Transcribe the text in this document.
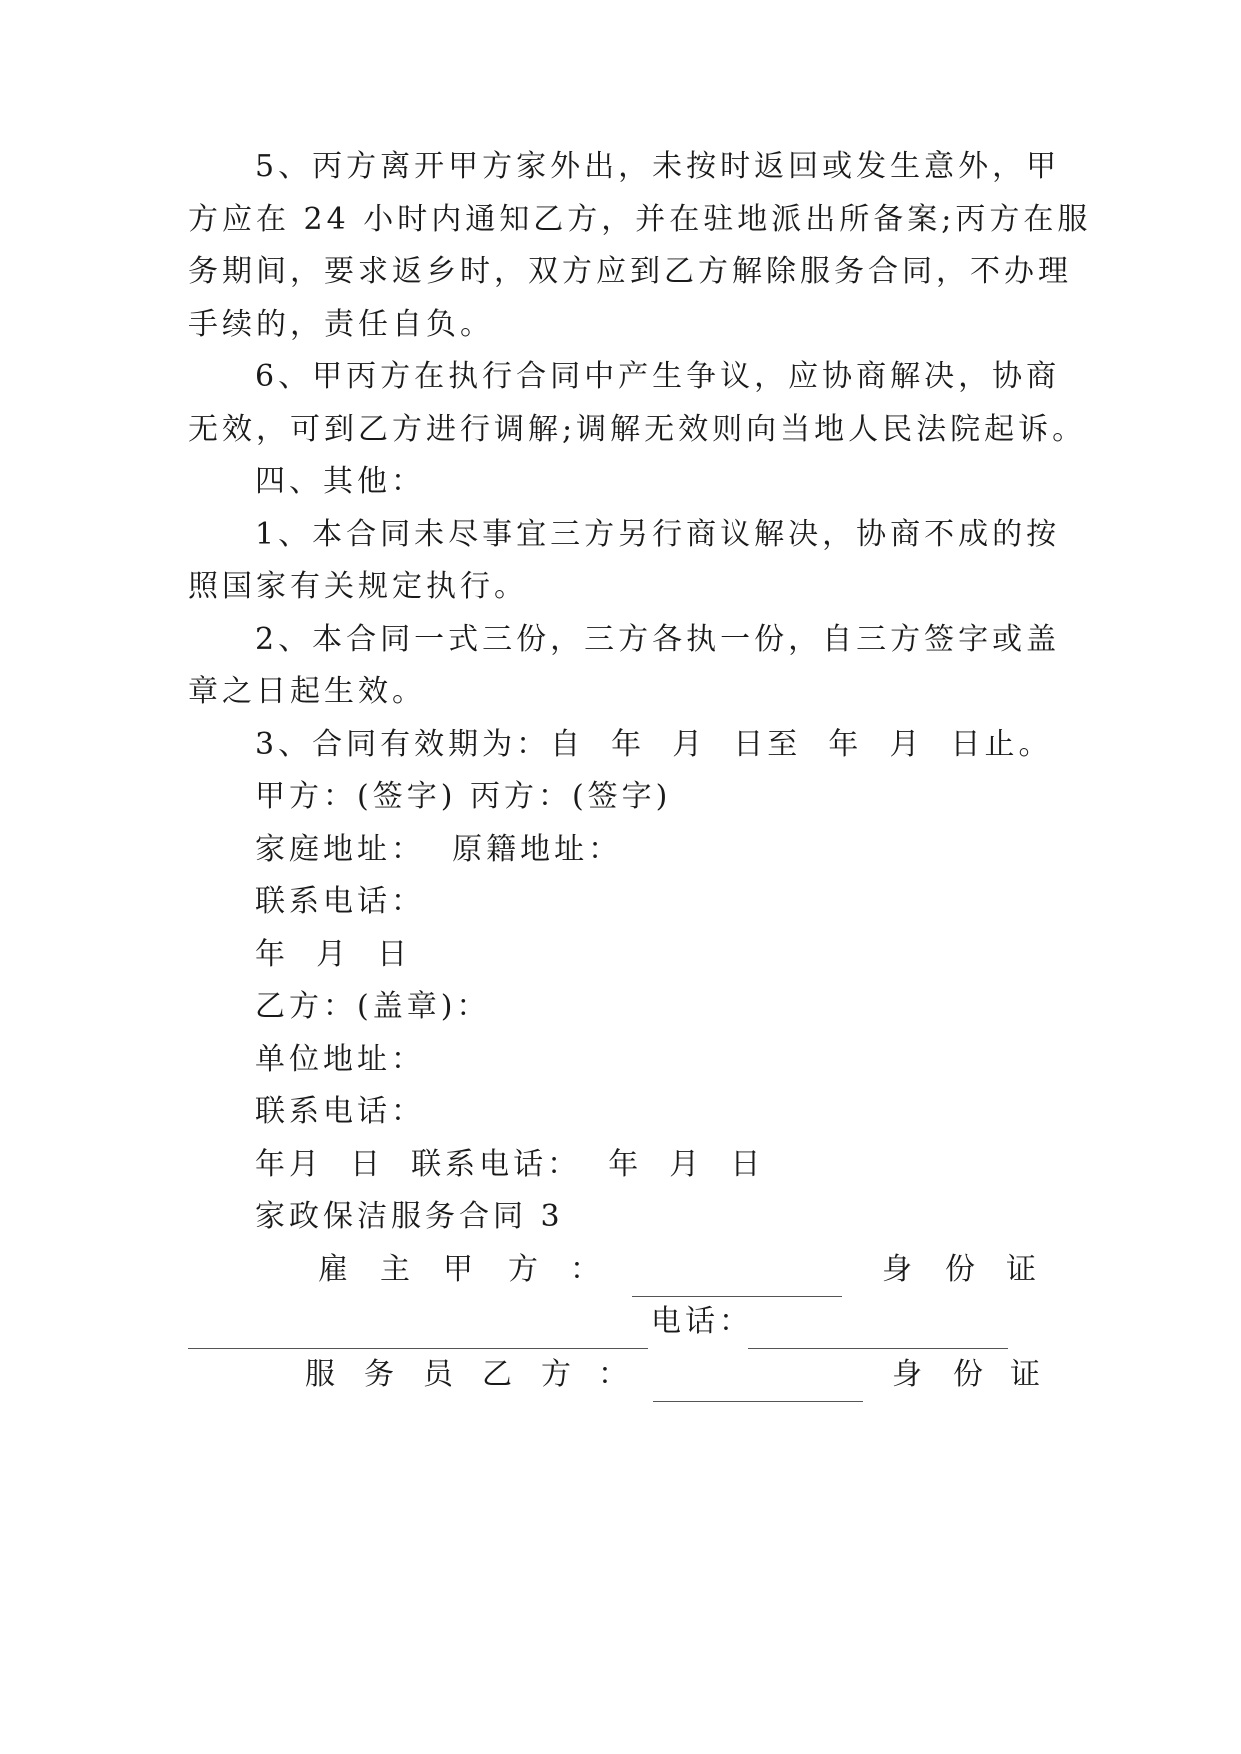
5、丙方离开甲方家外出，未按时返回或发生意外，甲
方应在 24 小时内通知乙方，并在驻地派出所备案;丙方在服
务期间，要求返乡时，双方应到乙方解除服务合同，不办理
手续的，责任自负。
6、甲丙方在执行合同中产生争议，应协商解决，协商
无效，可到乙方进行调解;调解无效则向当地人民法院起诉。
四、其他：
1、本合同未尽事宜三方另行商议解决，协商不成的按
照国家有关规定执行。
2、本合同一式三份，三方各执一份，自三方签字或盖
章之日起生效。
3、合同有效期为：自  年  月  日至  年  月  日止。
甲方：(签字) 丙方：(签字)
家庭地址：  原籍地址：
联系电话：
年  月  日
乙方：(盖章)：
单位地址：
联系电话：
年月  日  联系电话：  年  月  日
家政保洁服务合同 3
雇 主 甲 方 ：	身 份 证
电话：
服 务 员 乙 方 ：	身 份 证
